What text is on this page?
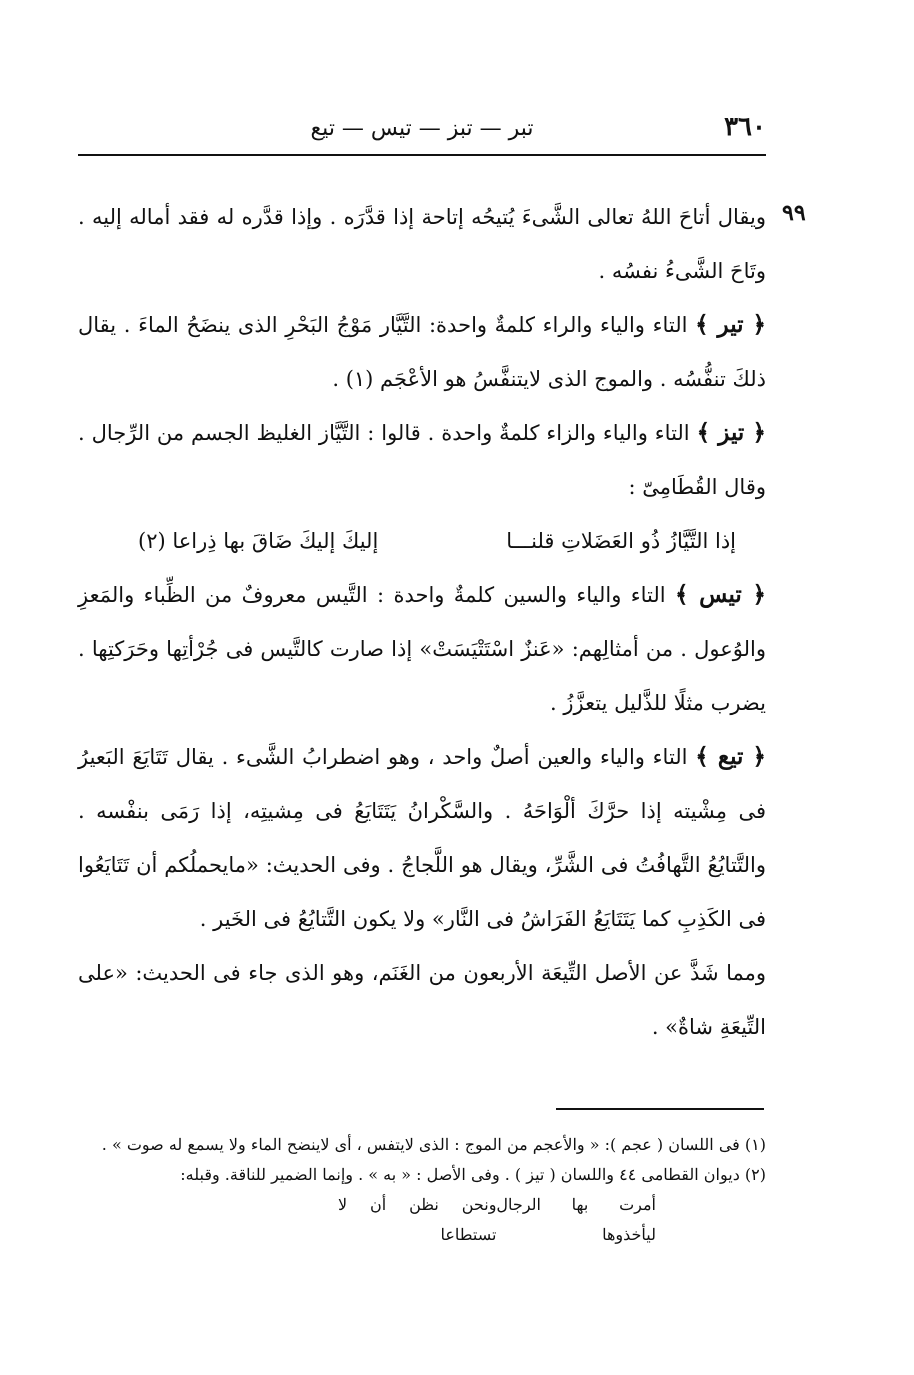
٣٦٠
تبر — تبز — تيس — تيع
٩٩

ويقال أتاحَ اللهُ تعالى الشَّىءَ يُتيحُه إتاحة إذا قدَّرَه . وإذا قدَّره له فقد أماله إليه . وتَاحَ الشَّىءُ نفسُه .

﴿ تير ﴾ التاء والياء والراء كلمةٌ واحدة: التَّيَّار مَوْجُ البَحْرِ الذى ينضَحُ الماءَ . يقال ذلكَ تنفُّسُه . والموج الذى لايتنفَّسُ هو الأعْجَم (١) .

﴿ تيز ﴾ التاء والياء والزاء كلمةٌ واحدة . قالوا : التَّيَّاز الغليظ الجسم من الرِّجال . وقال القُطَامِىّ :

إذا التَّيَّازُ ذُو العَضَلاتِ قلنـــا
إليكَ إليكَ ضَاقَ بها ذِراعا (٢)

﴿ تيس ﴾ التاء والياء والسين كلمةٌ واحدة : التَّيس معروفٌ من الظِّباء والمَعزِ والوُعول . من أمثالِهم: «عَنزٌ اسْتَتْيَسَتْ» إذا صارت كالتَّيس فى جُرْأتِها وحَرَكتِها . يضرب مثلًا للذَّليل يتعزَّزُ .

﴿ تيع ﴾ التاء والياء والعين أصلٌ واحد ، وهو اضطرابُ الشَّىء . يقال تَتَايَعَ البَعيرُ فى مِشْيته إذا حرَّكَ ألْوَاحَهُ . والسَّكْرانُ يَتَتَايَعُ فى مِشيتِه، إذا رَمَى بنفْسه . والتَّتايُعُ التَّهافُتُ فى الشَّرِّ، ويقال هو اللَّجاجُ . وفى الحديث: «مايحملُكم أن تَتَايَعُوا فى الكَذِبِ كما يَتَتَايَعُ الفَرَاشُ فى النَّار» ولا يكون التَّتايُعُ فى الخَير .

ومما شَذَّ عن الأصل التِّيعَة الأربعون من الغَنَم، وهو الذى جاء فى الحديث: «على التِّيعَةِ شاةٌ» .

(١) فى اللسان ( عجم ): « والأعجم من الموج : الذى لايتفس ، أى لاينضح الماء ولا يسمع له صوت » .

(٢) ديوان القطامى ٤٤ واللسان ( تيز ) . وفى الأصل : « به » . وإنما الضمير للناقة. وقبله:

أمرت بها الرجال ليأخذوها
ونحن نظن أن لا تستطاعا
